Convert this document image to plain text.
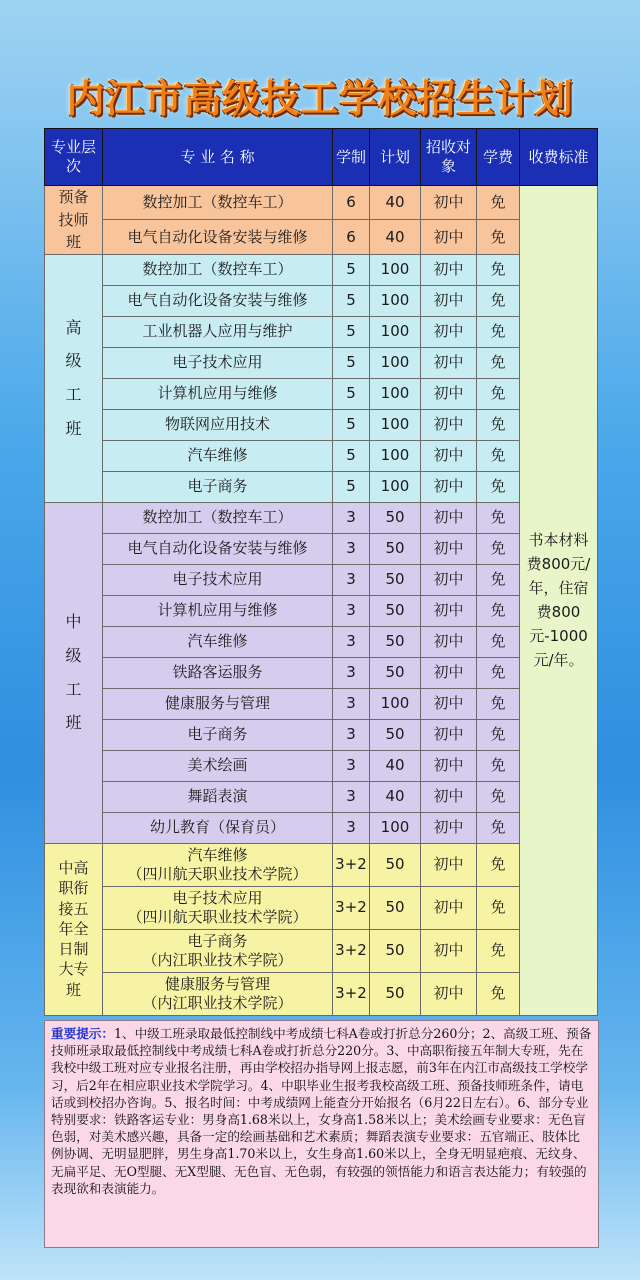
内江市高级技工学校招生计划
专业层次	专 业 名 称	学制	计划	招收对象	学费	收费标准
预备技师班	数控加工（数控车工）	6	40	初中	免	书本材料费800元/年，住宿费800元-1000元/年。

	电气自动化设备安装与维修	6	40	初中	免	
高级工班	数控加工（数控车工）	5	100	初中	免	

	电气自动化设备安装与维修	5	100	初中	免	

	工业机器人应用与维护	5	100	初中	免	

	电子技术应用	5	100	初中	免	

	计算机应用与维修	5	100	初中	免	

	物联网应用技术	5	100	初中	免	

	汽车维修	5	100	初中	免	

	电子商务	5	100	初中	免	
中级工班	数控加工（数控车工）	3	50	初中	免	

	电气自动化设备安装与维修	3	50	初中	免	

	电子技术应用	3	50	初中	免	

	计算机应用与维修	3	50	初中	免	

	汽车维修	3	50	初中	免	

	铁路客运服务	3	50	初中	免	

	健康服务与管理	3	100	初中	免	

	电子商务	3	50	初中	免	

	美术绘画	3	40	初中	免	

	舞蹈表演	3	40	初中	免	

	幼儿教育（保育员）	3	100	初中	免	
中高职衔接五年全日制大专班	汽车维修
（四川航天职业技术学院）	3+2	50	初中	免	

	电子技术应用
（四川航天职业技术学院）	3+2	50	初中	免	

	电子商务
（内江职业技术学院）	3+2	50	初中	免	

	健康服务与管理
（内江职业技术学院）	3+2	50	初中	免	
重要提示：1、中级工班录取最低控制线中考成绩七科A卷或打折总分260分；2、高级工班、预备技师班录取最低控制线中考成绩七科A卷或打折总分220分。3、中高职衔接五年制大专班，先在我校中级工班对应专业报名注册，再由学校招办指导网上报志愿，前3年在内江市高级技工学校学习，后2年在相应职业技术学院学习。4、中职毕业生报考我校高级工班、预备技师班条件，请电话或到校招办咨询。5、报名时间：中考成绩网上能查分开始报名（6月22日左右）。6、部分专业特别要求：铁路客运专业：男身高1.68米以上，女身高1.58米以上；美术绘画专业要求：无色盲色弱，对美术感兴趣，具备一定的绘画基础和艺术素质；舞蹈表演专业要求：五官端正、肢体比例协调、无明显肥胖，男生身高1.70米以上，女生身高1.60米以上，全身无明显疤痕、无纹身、无扁平足、无O型腿、无X型腿、无色盲、无色弱，有较强的领悟能力和语言表达能力；有较强的表现欲和表演能力。
